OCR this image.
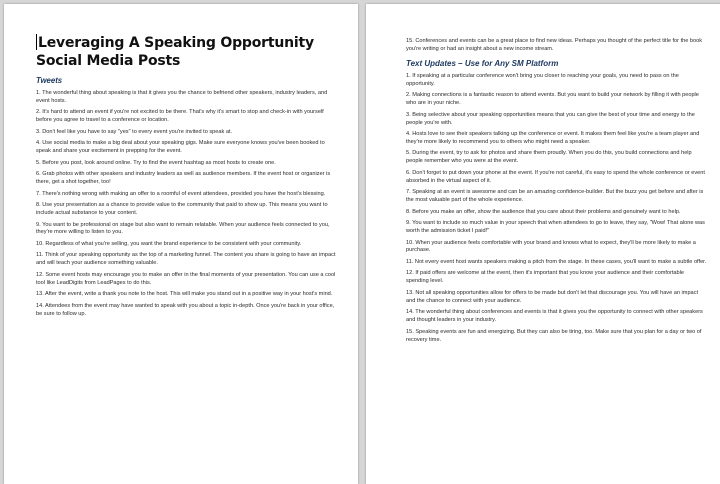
Leveraging A Speaking Opportunity
Social Media Posts
Tweets

1. The wonderful thing about speaking is that it gives you the chance to befriend other speakers, industry leaders, and event hosts.

2. It's hard to attend an event if you're not excited to be there. That's why it's smart to stop and check-in with yourself before you agree to travel to a conference or location.

3. Don't feel like you have to say "yes" to every event you're invited to speak at.

4. Use social media to make a big deal about your speaking gigs. Make sure everyone knows you've been booked to speak and share your excitement in prepping for the event.

5. Before you post, look around online. Try to find the event hashtag as most hosts to create one.

6. Grab photos with other speakers and industry leaders as well as audience members. If the event host or organizer is there, get a shot together, too!

7. There's nothing wrong with making an offer to a roomful of event attendees, provided you have the host's blessing.

8. Use your presentation as a chance to provide value to the community that paid to show up. This means you want to include actual substance to your content.

9. You want to be professional on stage but also want to remain relatable. When your audience feels connected to you, they're more willing to listen to you.

10. Regardless of what you're selling, you want the brand experience to be consistent with your community.

11. Think of your speaking opportunity as the top of a marketing funnel. The content you share is going to have an impact and will teach your audience something valuable.

12. Some event hosts may encourage you to make an offer in the final moments of your presentation. You can use a cool tool like LeadDigits from LeadPages to do this.

13. After the event, write a thank you note to the host. This will make you stand out in a positive way in your host's mind.

14. Attendees from the event may have wanted to speak with you about a topic in-depth. Once you're back in your office, be sure to follow up.

15. Conferences and events can be a great place to find new ideas. Perhaps you thought of the perfect title for the book you're writing or had an insight about a new income stream.

Text Updates – Use for Any SM Platform

1. If speaking at a particular conference won't bring you closer to reaching your goals, you need to pass on the opportunity.

2. Making connections is a fantastic reason to attend events. But you want to build your network by filling it with people who are in your niche.

3. Being selective about your speaking opportunities means that you can give the best of your time and energy to the people you're with.

4. Hosts love to see their speakers talking up the conference or event. It makes them feel like you're a team player and they're more likely to recommend you to others who might need a speaker.

5. During the event, try to ask for photos and share them proudly. When you do this, you build connections and help people remember who you were at the event.

6. Don't forget to put down your phone at the event. If you're not careful, it's easy to spend the whole conference or event absorbed in the virtual aspect of it.

7. Speaking at an event is awesome and can be an amazing confidence-builder. But the buzz you get before and after is the most valuable part of the whole experience.

8. Before you make an offer, show the audience that you care about their problems and genuinely want to help.

9. You want to include so much value in your speech that when attendees to go to leave, they say, "Wow! That alone was worth the admission ticket I paid!"

10. When your audience feels comfortable with your brand and knows what to expect, they'll be more likely to make a purchase.

11. Not every event host wants speakers making a pitch from the stage. In these cases, you'll want to make a subtle offer.

12. If paid offers are welcome at the event, then it's important that you know your audience and their comfortable spending level.

13. Not all speaking opportunities allow for offers to be made but don't let that discourage you. You will have an impact and the chance to connect with your audience.

14. The wonderful thing about conferences and events is that it gives you the opportunity to connect with other speakers and thought leaders in your industry.

15. Speaking events are fun and energizing. But they can also be tiring, too. Make sure that you plan for a day or two of recovery time.
